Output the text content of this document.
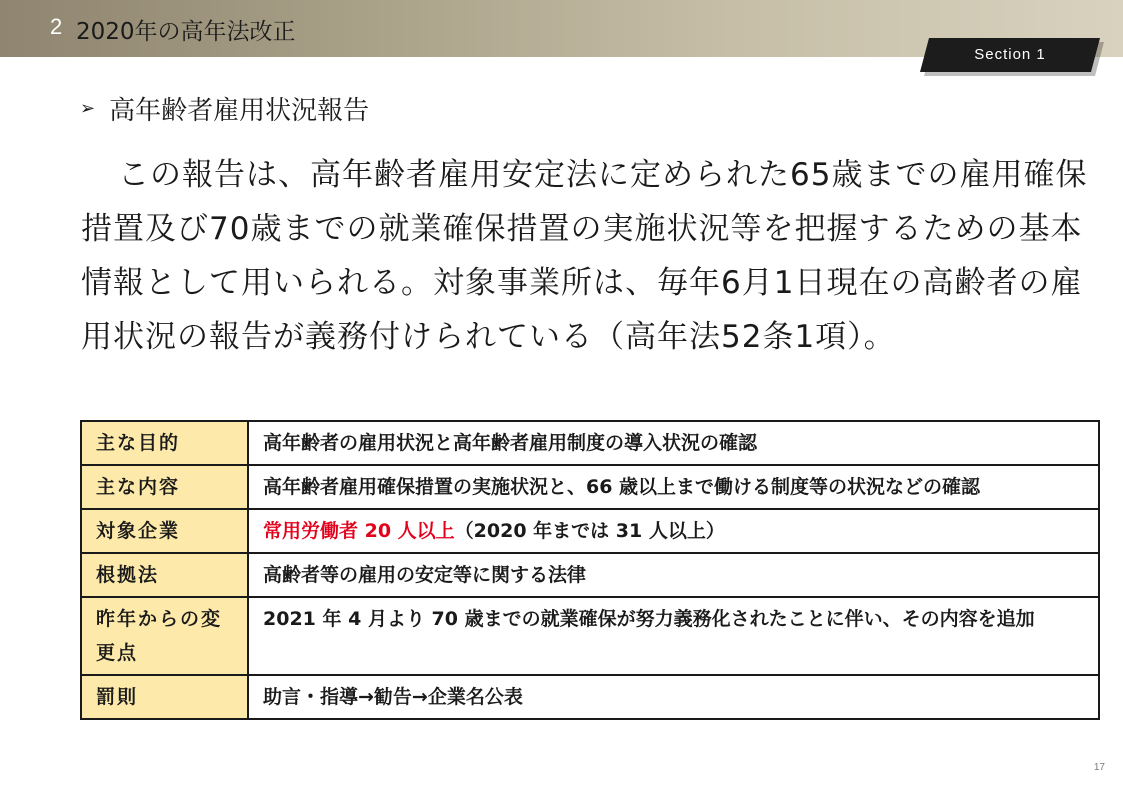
2 2020年の高年法改正
Section 1
➢ 高年齢者雇用状況報告

この報告は、高年齢者雇用安定法に定められた65歳までの雇用確保措置及び70歳までの就業確保措置の実施状況等を把握するための基本情報として用いられる。対象事業所は、毎年6月1日現在の高齢者の雇用状況の報告が義務付けられている（高年法52条1項）。

主な目的	高年齢者の雇用状況と高年齢者雇用制度の導入状況の確認
主な内容	高年齢者雇用確保措置の実施状況と、66 歳以上まで働ける制度等の状況などの確認
対象企業	常用労働者 20 人以上（2020 年までは 31 人以上）
根拠法	高齢者等の雇用の安定等に関する法律
昨年からの変更点	2021 年 4 月より 70 歳までの就業確保が努力義務化されたことに伴い、その内容を追加
罰則	助言・指導→勧告→企業名公表
17
